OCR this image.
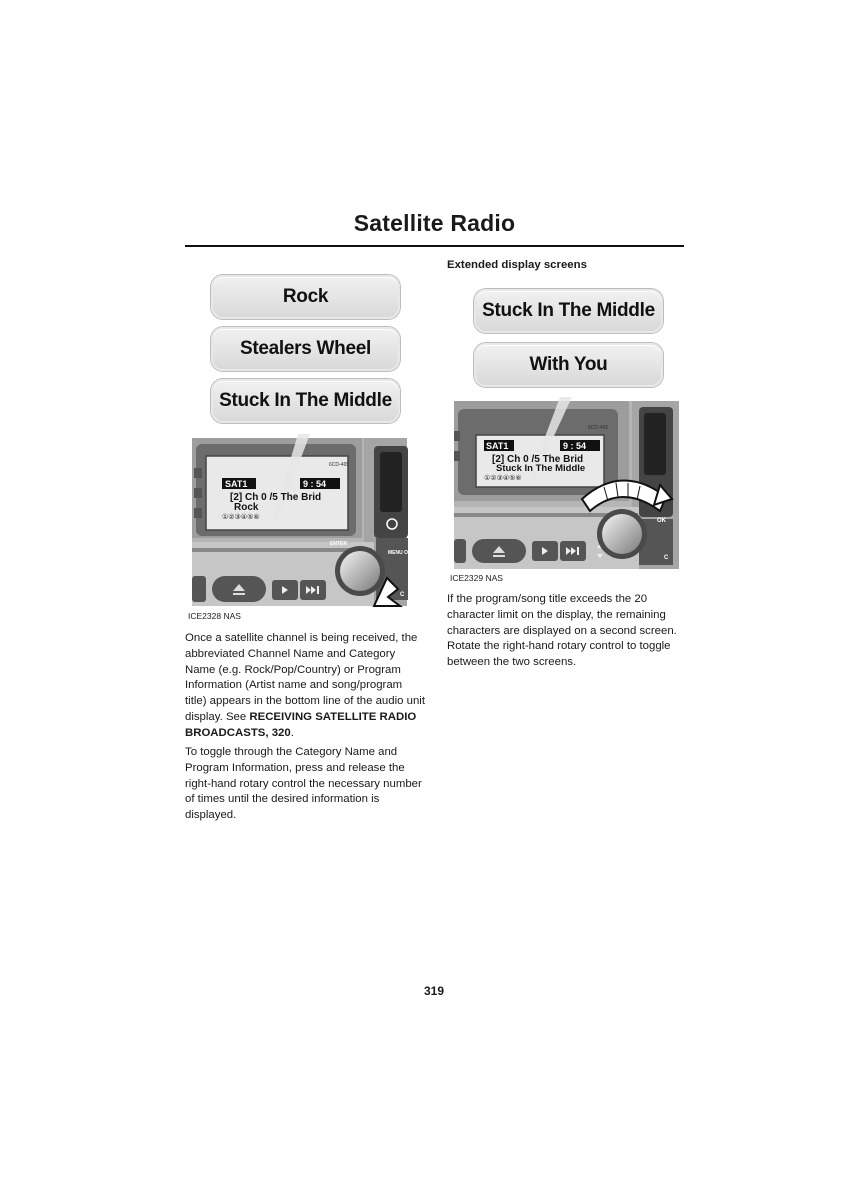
Satellite Radio
Rock
Stealers Wheel
Stuck In The Middle
6CD-465
SAT1	9 : 54
[2] Ch 0 /5 The Brid
Rock
①②③④⑤⑥
ENTER
MENU OK
C
ICE2328 NAS
Extended display screens
Stuck In The Middle
With You
6CD-465
SAT1	9 : 54
[2] Ch 0 /5 The Brid
Stuck In The Middle
①②③④⑤⑥
OK
C
ICE2329 NAS

Once a satellite channel is being received, the abbreviated Channel Name and Category Name (e.g. Rock/Pop/Country) or Program Information (Artist name and song/program title) appears in the bottom line of the audio unit display. See RECEIVING SATELLITE RADIO BROADCASTS, 320.

To toggle through the Category Name and Program Information, press and release the right-hand rotary control the necessary number of times until the desired information is displayed.

If the program/song title exceeds the 20 character limit on the display, the remaining characters are displayed on a second screen. Rotate the right-hand rotary control to toggle between the two screens.

319
